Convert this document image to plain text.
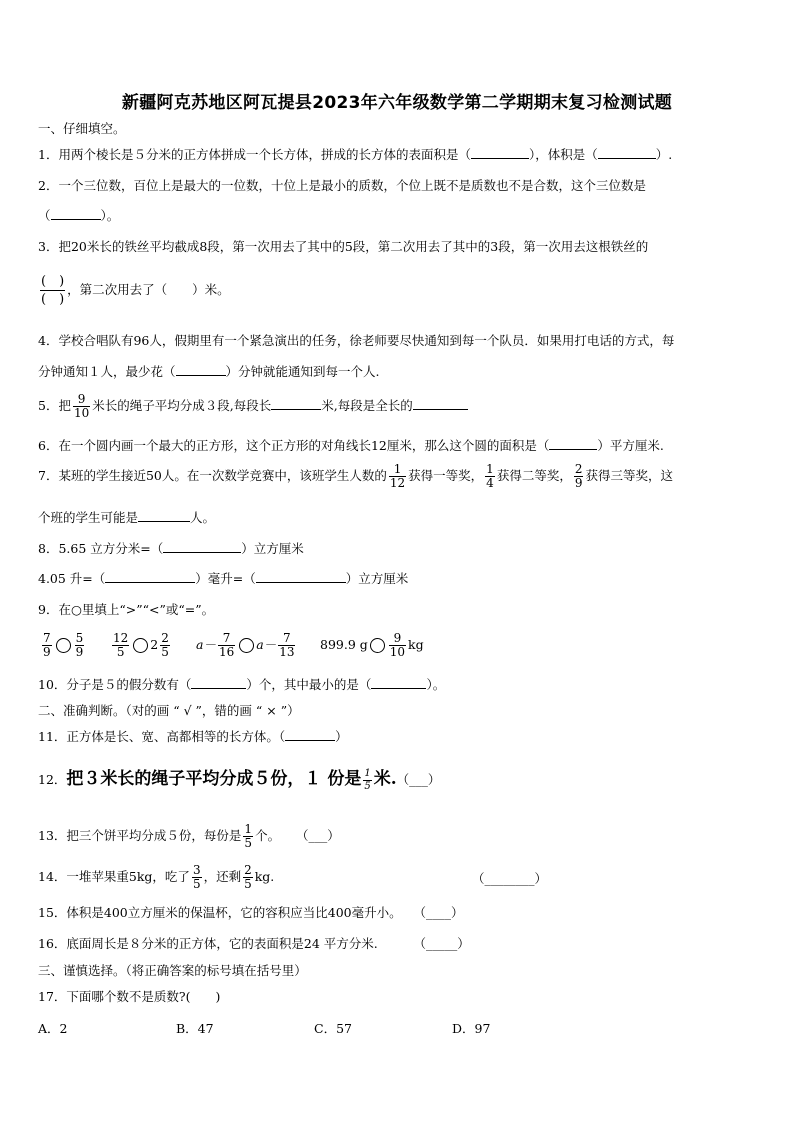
新疆阿克苏地区阿瓦提县2023年六年级数学第二学期期末复习检测试题
一、仔细填空。
1．用两个棱长是５分米的正方体拼成一个长方体，拼成的长方体的表面积是（	），体积是（	）.
2．一个三位数，百位上是最大的一位数，十位上是最小的质数，个位上既不是质数也不是合数，这个三位数是
（	）。
3．把20米长的铁丝平均截成8段，第一次用去了其中的5段，第二次用去了其中的3段，第一次用去这根铁丝的
$\frac{( )}{( )}$ ，第二次用去了（　　）米。
4．学校合唱队有96人，假期里有一个紧急演出的任务，徐老师要尽快通知到每一个队员．如果用打电话的方式，每
分钟通知１人，最少花（	）分钟就能通知到每一个人.
5．把 $\frac{9}{10}$ 米长的绳子平均分成３段,每段长	米,每段是全长的
6．在一个圆内画一个最大的正方形，这个正方形的对角线长12厘米，那么这个圆的面积是（	）平方厘米.
7．某班的学生接近50人。在一次数学竞赛中，该班学生人数的 $\frac{1}{12}$ 获得一等奖， $\frac{1}{4}$ 获得二等奖， $\frac{2}{9}$ 获得三等奖，这
个班的学生可能是	人。
8．5.65 立方分米=（	）立方厘米
4.05 升=（	）毫升=（	）立方厘米
9．在○里填上“>”“<”或“=”。
$\frac{7}{9} \frac{5}{9} \frac{12}{5} 2 \frac{2}{5} a- \frac{7}{16} a- \frac{7}{13} 899.9$ g $\frac{9}{10}$ kg
10．分子是５的假分数有（	）个，其中最小的是（	）。
二、准确判断。（对的画 “ √ ”，错的画 “ × ”）
11．正方体是长、宽、高都相等的长方体。（	）
12．把３米长的绳子平均分成５份，１ 份是 $\frac{1}{5}$ 米.（___）
13．把三个饼平均分成５份，每份是 $\frac{1}{5}$ 个。 （___）
14．一堆苹果重5kg，吃了 $\frac{3}{5}$ ，还剩 $\frac{2}{5}$ kg.	（________）
15．体积是400立方厘米的保温杯，它的容积应当比400毫升小。 （____）
16．底面周长是８分米的正方体，它的表面积是24 平方分米.	（_____）
三、谨慎选择。（将正确答案的标号填在括号里）
17．下面哪个数不是质数?(　　)
A．2	B．47	C．57	D．97
